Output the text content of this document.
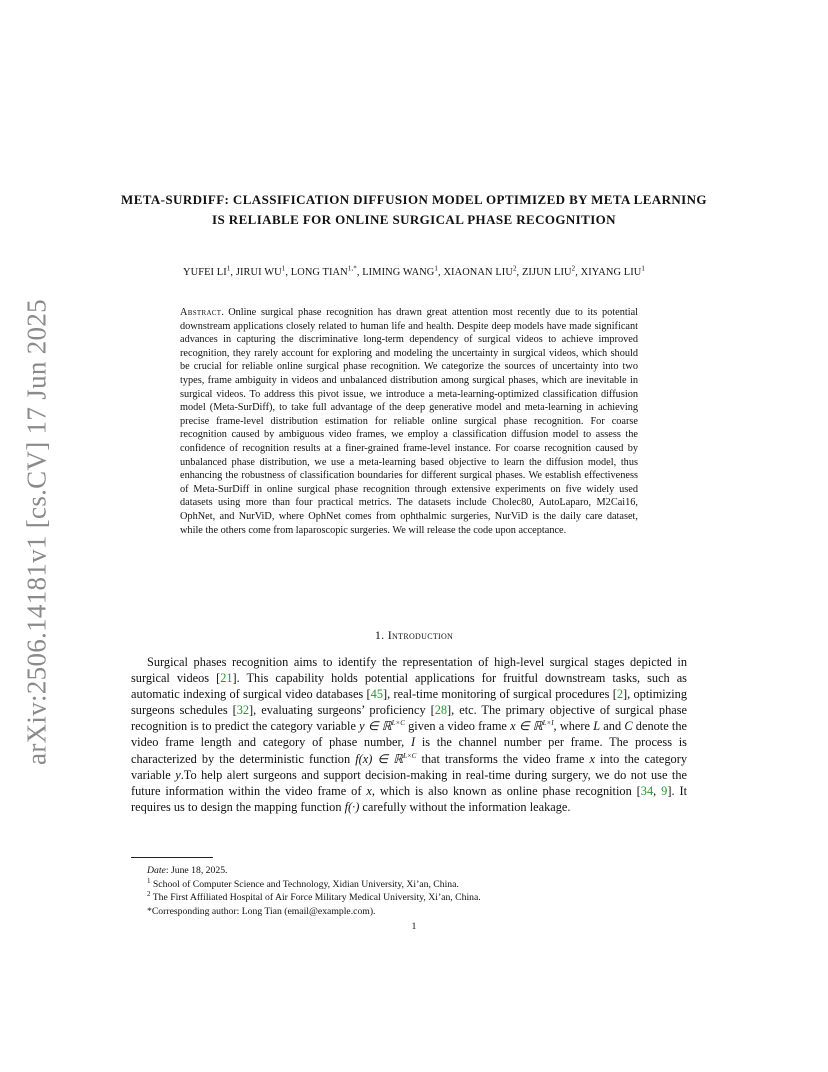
arXiv:2506.14181v1 [cs.CV] 17 Jun 2025
META-SURDIFF: CLASSIFICATION DIFFUSION MODEL OPTIMIZED BY META LEARNING IS RELIABLE FOR ONLINE SURGICAL PHASE RECOGNITION
YUFEI $LI^1$, JIRUI $WU^1$, LONG $TIAN^{1,*}$, LIMING WANG$^1$, XIAONAN LIU$^2$, ZIJUN LIU$^2$, XIYANG LIU$^1$
Abstract. Online surgical phase recognition has drawn great attention most recently due to its potential downstream applications closely related to human life and health. Despite deep models have made significant advances in capturing the discriminative long-term dependency of surgical videos to achieve improved recognition, they rarely account for exploring and modeling the uncertainty in surgical videos, which should be crucial for reliable online surgical phase recognition. We categorize the sources of uncertainty into two types, frame ambiguity in videos and unbalanced distribution among surgical phases, which are inevitable in surgical videos. To address this pivot issue, we introduce a meta-learning-optimized classification diffusion model (Meta-SurDiff), to take full advantage of the deep generative model and meta-learning in achieving precise frame-level distribution estimation for reliable online surgical phase recognition. For coarse recognition caused by ambiguous video frames, we employ a classification diffusion model to assess the confidence of recognition results at a finer-grained frame-level instance. For coarse recognition caused by unbalanced phase distribution, we use a meta-learning based objective to learn the diffusion model, thus enhancing the robustness of classification boundaries for different surgical phases. We establish effectiveness of Meta-SurDiff in online surgical phase recognition through extensive experiments on five widely used datasets using more than four practical metrics. The datasets include Cholec80, AutoLaparo, M2Cai16, OphNet, and NurViD, where OphNet comes from ophthalmic surgeries, NurViD is the daily care dataset, while the others come from laparoscopic surgeries. We will release the code upon acceptance.
1. Introduction
Surgical phases recognition aims to identify the representation of high-level surgical stages depicted in surgical videos [21]. This capability holds potential applications for fruitful downstream tasks, such as automatic indexing of surgical video databases [45], real-time monitoring of surgical procedures [2], optimizing surgeons schedules [32], evaluating surgeons’ proficiency [28], etc. The primary objective of surgical phase recognition is to predict the category variable y ∈ ℝ$^{L\times C}$ given a video frame x ∈ ℝ$^{L\times I}$, where L and C denote the video frame length and category of phase number, I is the channel number per frame. The process is characterized by the deterministic function f(x) ∈ ℝ$^{L\times C}$ that transforms the video frame x into the category variable y.To help alert surgeons and support decision-making in real-time during surgery, we do not use the future information within the video frame of x, which is also known as online phase recognition [34, 9]. It requires us to design the mapping function f(·) carefully without the information leakage.
Date: June 18, 2025.
$^1$ School of Computer Science and Technology, Xidian University, Xi’an, China.
$^2$ The First Affiliated Hospital of Air Force Military Medical University, Xi’an, China.
*Corresponding author: Long Tian (email@example.com).
1
